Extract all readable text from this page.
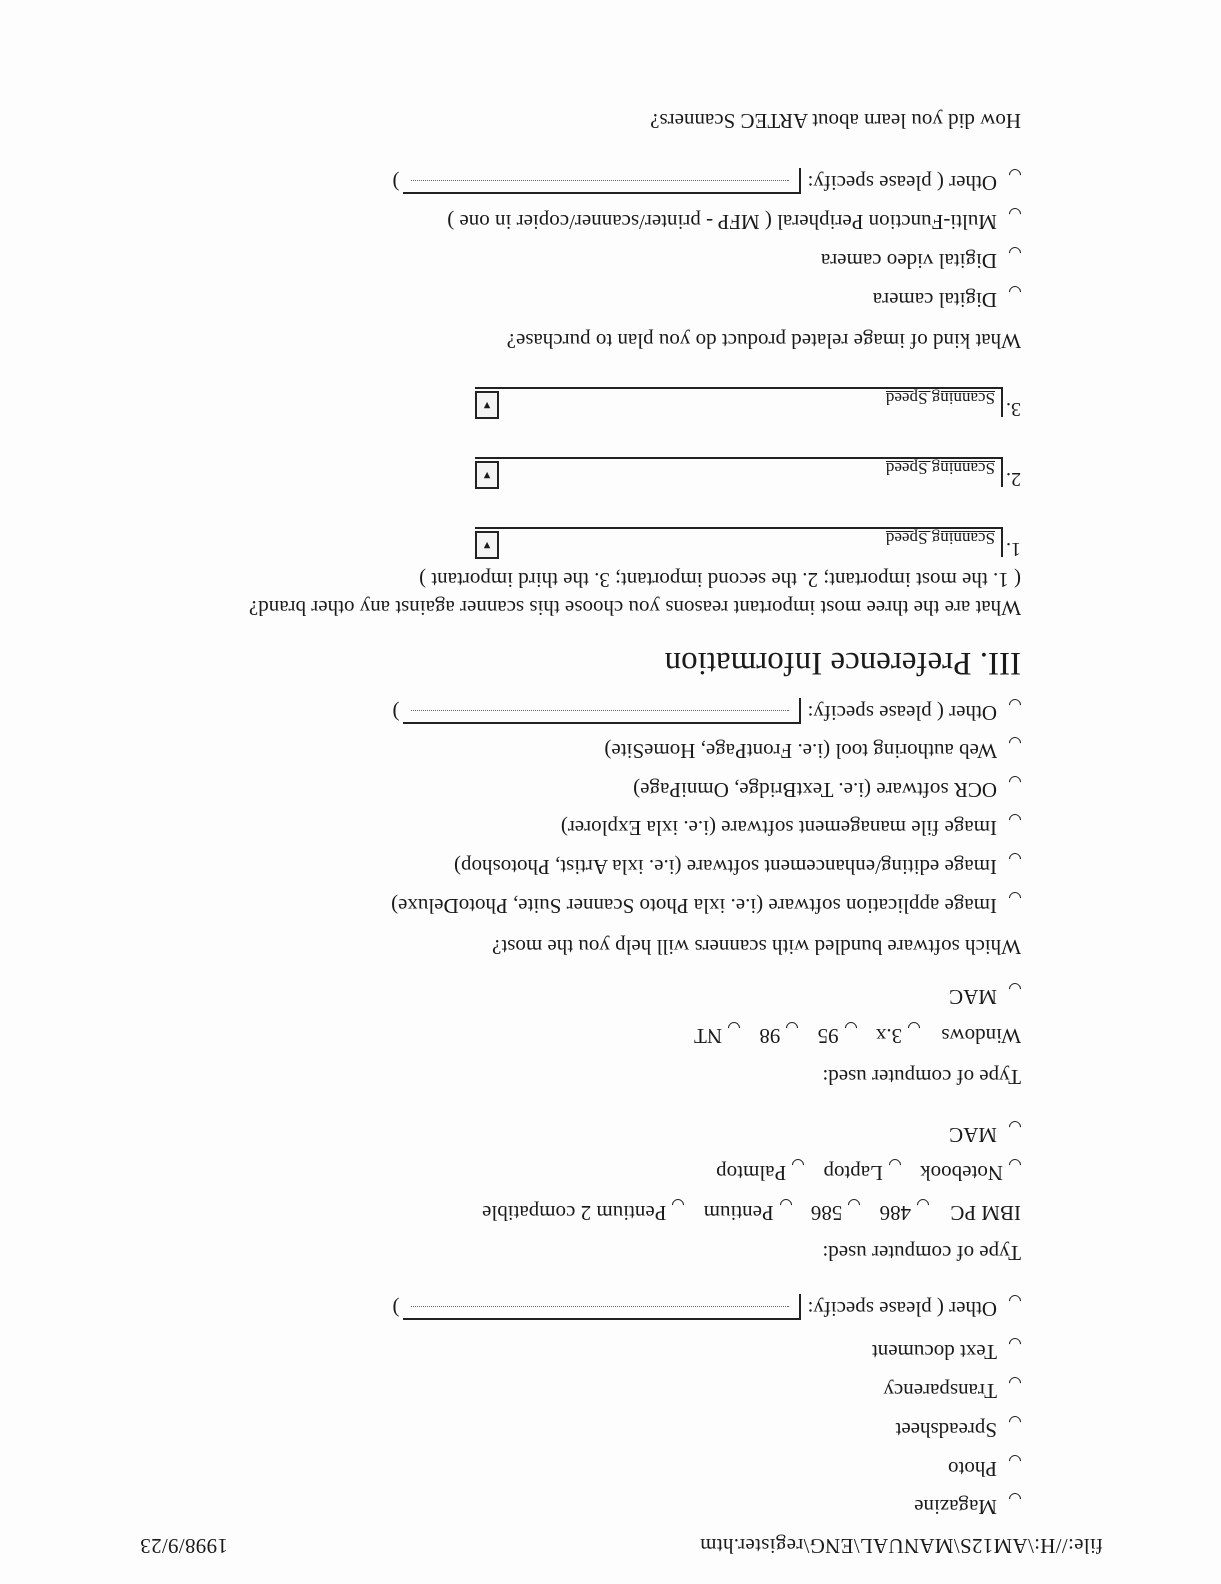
file://H:\AM12S\MANUAL\ENG\register.htm
1998/9/23
Magazine
Photo
Spreadsheet
Transparency
Text document
Other ( please specify:)
Type of computer used:
IBM PC 486 586 Pentium Pentium 2 compatible
Notebook Laptop Palmtop
MAC
Type of computer used:
Windows 3.x 95 98 NT
MAC
Which software bundled with scanners will help you the most?
Image application software (i.e. ixla Photo Scanner Suite, PhotoDeluxe)
Image editing/enhancement software (i.e. ixla Artist, Photoshop)
Image file management software (i.e. ixla Explorer)
OCR software (i.e. TextBridge, OmniPage)
Web authoring tool (i.e. FrontPage, HomeSite)
Other ( please specify:)
III. Preference Information
What are the three most important reasons you choose this scanner against any other brand?
( 1. the most important; 2. the second important; 3. the third important )
1.
Scanning Speed
▼
2.
Scanning Speed
▼
3.
Scanning Speed
▼
What kind of image related product do you plan to purchase?
Digital camera
Digital video camera
Multi-Function Peripheral ( MFP - printer/scanner/copier in one )
Other ( please specify:)
How did you learn about ARTEC Scanners?
